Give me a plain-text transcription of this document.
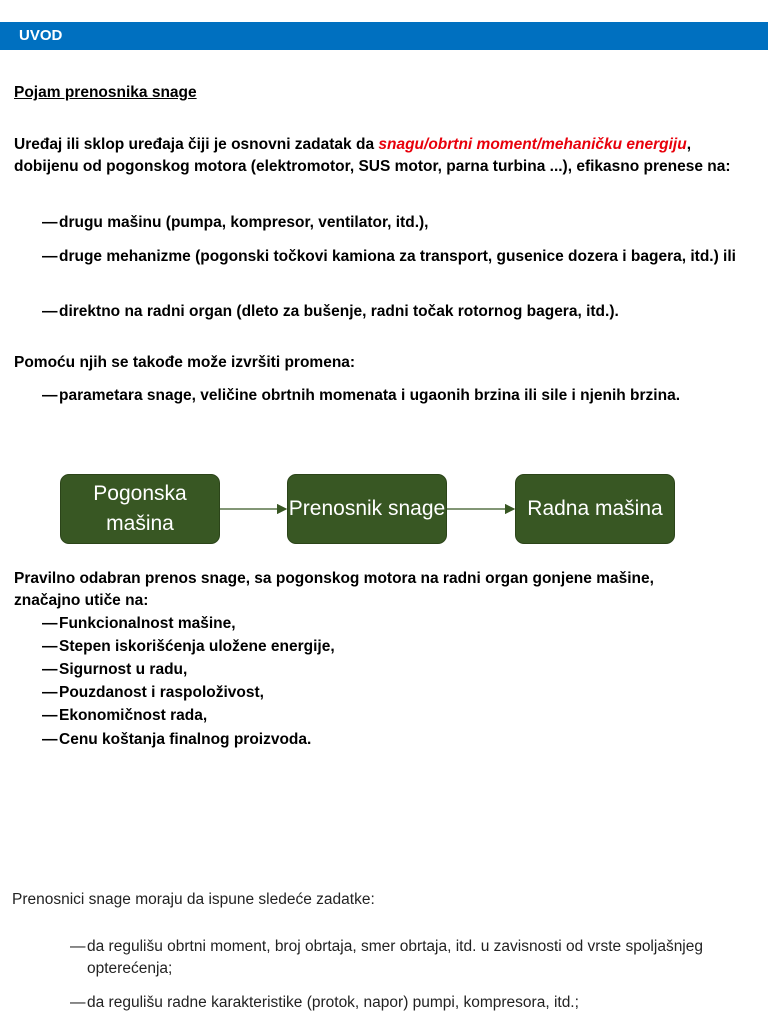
UVOD
Pojam prenosnika snage
Uređaj ili sklop uređaja čiji je osnovni zadatak da snagu/obrtni moment/mehaničku energiju, dobijenu od pogonskog motora (elektromotor, SUS motor, parna turbina ...), efikasno prenese na:
— drugu mašinu (pumpa, kompresor, ventilator, itd.),
— druge mehanizme (pogonski točkovi kamiona za transport, gusenice dozera i bagera, itd.) ili
— direktno na radni organ (dleto za bušenje, radni točak rotornog bagera, itd.).
Pomoću njih se takođe može izvršiti promena:
— parametara snage, veličine obrtnih momenata i ugaonih brzina ili sile i njenih brzina.
Pogonska mašina
Prenosnik snage	Radna mašina
Pravilno odabran prenos snage, sa pogonskog motora na radni organ gonjene mašine, značajno utiče na:
— Funkcionalnost mašine,
— Stepen iskorišćenja uložene energije,
— Sigurnost u radu,
— Pouzdanost i raspoloživost,
— Ekonomičnost rada,
— Cenu koštanja finalnog proizvoda.
Prenosnici snage moraju da ispune sledeće zadatke:
— da regulišu obrtni moment, broj obrtaja, smer obrtaja, itd. u zavisnosti od vrste spoljašnjeg opterećenja;
— da regulišu radne karakteristike (protok, napor) pumpi, kompresora, itd.;
